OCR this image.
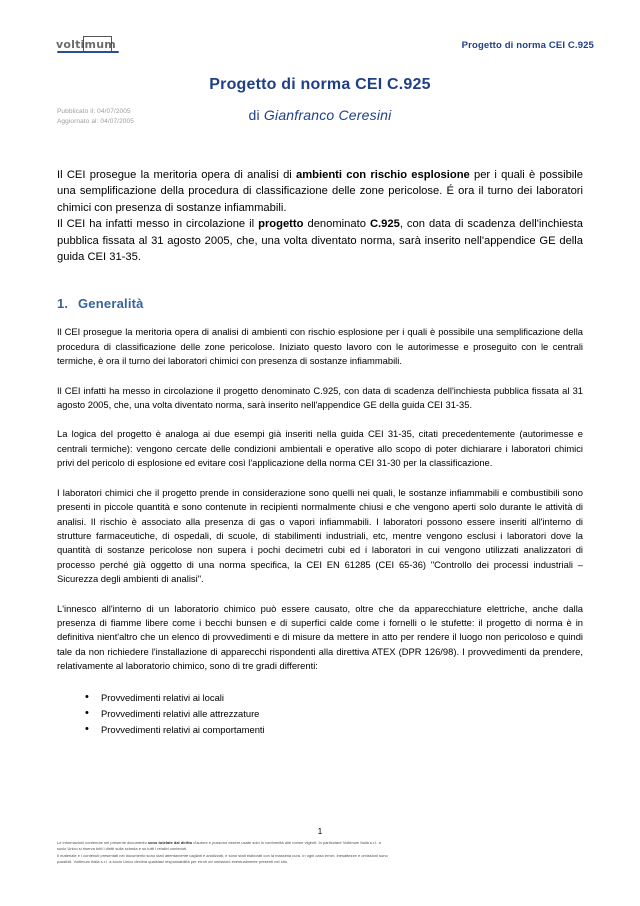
voltimum	Progetto di norma CEI C.925
Progetto di norma CEI C.925
di Gianfranco Ceresini
Pubblicato il: 04/07/2005
Aggiornato al: 04/07/2005

Il CEI prosegue la meritoria opera di analisi di ambienti con rischio esplosione per i quali è possibile una semplificazione della procedura di classificazione delle zone pericolose. É ora il turno dei laboratori chimici con presenza di sostanze infiammabili.

Il CEI ha infatti messo in circolazione il progetto denominato C.925, con data di scadenza dell'inchiesta pubblica fissata al 31 agosto 2005, che, una volta diventato norma, sarà inserito nell'appendice GE della guida CEI 31-35.

1. Generalità

Il CEI prosegue la meritoria opera di analisi di ambienti con rischio esplosione per i quali è possibile una semplificazione della procedura di classificazione delle zone pericolose. Iniziato questo lavoro con le autorimesse e proseguito con le centrali termiche, è ora il turno dei laboratori chimici con presenza di sostanze infiammabili.

Il CEI infatti ha messo in circolazione il progetto denominato C.925, con data di scadenza dell'inchiesta pubblica fissata al 31 agosto 2005, che, una volta diventato norma, sarà inserito nell'appendice GE della guida CEI 31-35.

La logica del progetto è analoga ai due esempi già inseriti nella guida CEI 31-35, citati precedentemente (autorimesse e centrali termiche): vengono cercate delle condizioni ambientali e operative allo scopo di poter dichiarare i laboratori chimici privi del pericolo di esplosione ed evitare così l'applicazione della norma CEI 31-30 per la classificazione.

I laboratori chimici che il progetto prende in considerazione sono quelli nei quali, le sostanze infiammabili e combustibili sono presenti in piccole quantità e sono contenute in recipienti normalmente chiusi e che vengono aperti solo durante le attività di analisi. Il rischio è associato alla presenza di gas o vapori infiammabili. I laboratori possono essere inseriti all'interno di strutture farmaceutiche, di ospedali, di scuole, di stabilimenti industriali, etc, mentre vengono esclusi i laboratori dove la quantità di sostanze pericolose non supera i pochi decimetri cubi ed i laboratori in cui vengono utilizzati analizzatori di processo perché già oggetto di una norma specifica, la CEI EN 61285 (CEI 65-36) "Controllo dei processi industriali – Sicurezza degli ambienti di analisi".

L'innesco all'interno di un laboratorio chimico può essere causato, oltre che da apparecchiature elettriche, anche dalla presenza di fiamme libere come i becchi bunsen e di superfici calde come i fornelli o le stufette: il progetto di norma è in definitiva nient'altro che un elenco di provvedimenti e di misure da mettere in atto per rendere il luogo non pericoloso e quindi tale da non richiedere l'installazione di apparecchi rispondenti alla direttiva ATEX (DPR 126/98). I provvedimenti da prendere, relativamente al laboratorio chimico, sono di tre gradi differenti:

• Provvedimenti relativi ai locali
• Provvedimenti relativi alle attrezzature
• Provvedimenti relativi ai comportamenti
1
Le informazioni contenute nel presente documento sono tutelate dal diritto d'autore e possono essere usate solo in conformità alle norme vigenti. In particolare Voltimum Italia s.r.l. a
socio Unico si riserva tutti i diritti sulla scheda e su tutti i relativi contenuti.
Il materiale e i contenuti presentati nel documento sono stati attentamente vagliati e analizzati, e sono stati elaborati con la massima cura. In ogni caso errori, inesattezze e omissioni sono
possibili. Voltimum Italia s.r.l. a socio Unico declina qualsiasi responsabilità per errori ed omissioni eventualmente presenti nel sito.
